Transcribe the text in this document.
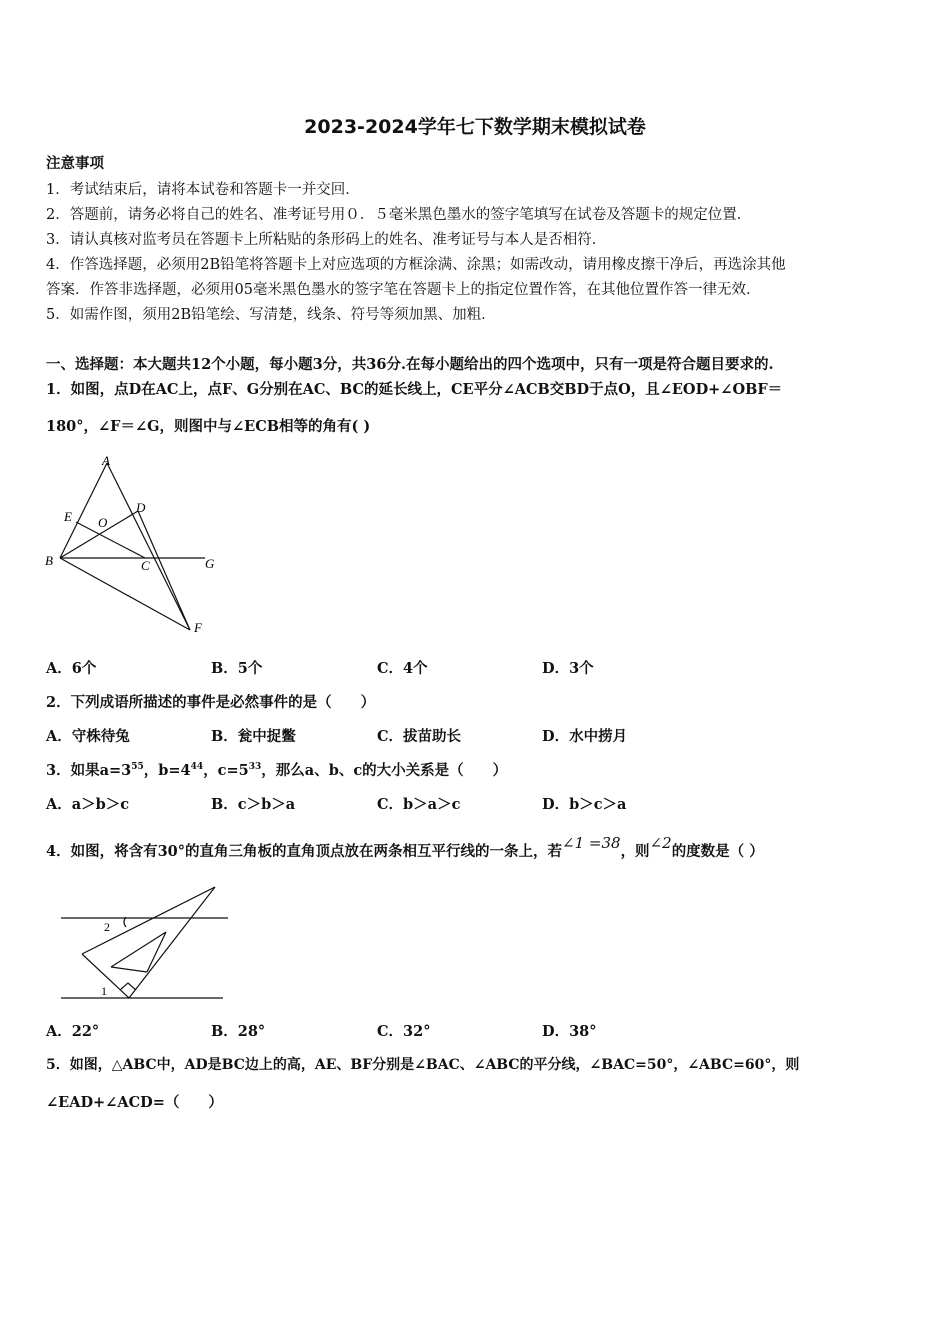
2023-2024学年七下数学期末模拟试卷
注意事项
1．考试结束后，请将本试卷和答题卡一并交回．
2．答题前，请务必将自己的姓名、准考证号用０．５毫米黑色墨水的签字笔填写在试卷及答题卡的规定位置．
3．请认真核对监考员在答题卡上所粘贴的条形码上的姓名、准考证号与本人是否相符．
4．作答选择题，必须用2B铅笔将答题卡上对应选项的方框涂满、涂黑；如需改动，请用橡皮擦干净后，再选涂其他
答案．作答非选择题，必须用05毫米黑色墨水的签字笔在答题卡上的指定位置作答，在其他位置作答一律无效．
5．如需作图，须用2B铅笔绘、写清楚，线条、符号等须加黑、加粗．
一、选择题：本大题共12个小题，每小题3分，共36分.在每小题给出的四个选项中，只有一项是符合题目要求的.
1．如图，点D在AC上，点F、G分别在AC、BC的延长线上，CE平分∠ACB交BD于点O，且∠EOD+∠OBF＝
180°，∠F＝∠G，则图中与∠ECB相等的角有( )
A
E O
D
B	C	G
F
A．6个	B．5个	C．4个	D．3个
2．下列成语所描述的事件是必然事件的是（　　）
A．守株待兔	B．瓮中捉鳖	C．拔苗助长	D．水中捞月
3．如果$a=3^{55}$，$b=4^{44}$，$c=5^{33}$，那么a、b、c的大小关系是（　　）
A．a＞b＞c	B．c＞b＞a	C．b＞a＞c	D．b＞c＞a
4．如图，将含有30°的直角三角板的直角顶点放在两条相互平行线的一条上，若∠1 =38，则∠2的度数是（ ）
2
1
A．22°	B．28°	C．32°	D．38°
5．如图，△ABC中，AD是BC边上的高，AE、BF分别是∠BAC、∠ABC的平分线，∠BAC=50°，∠ABC=60°，则
∠EAD+∠ACD=（　　）
